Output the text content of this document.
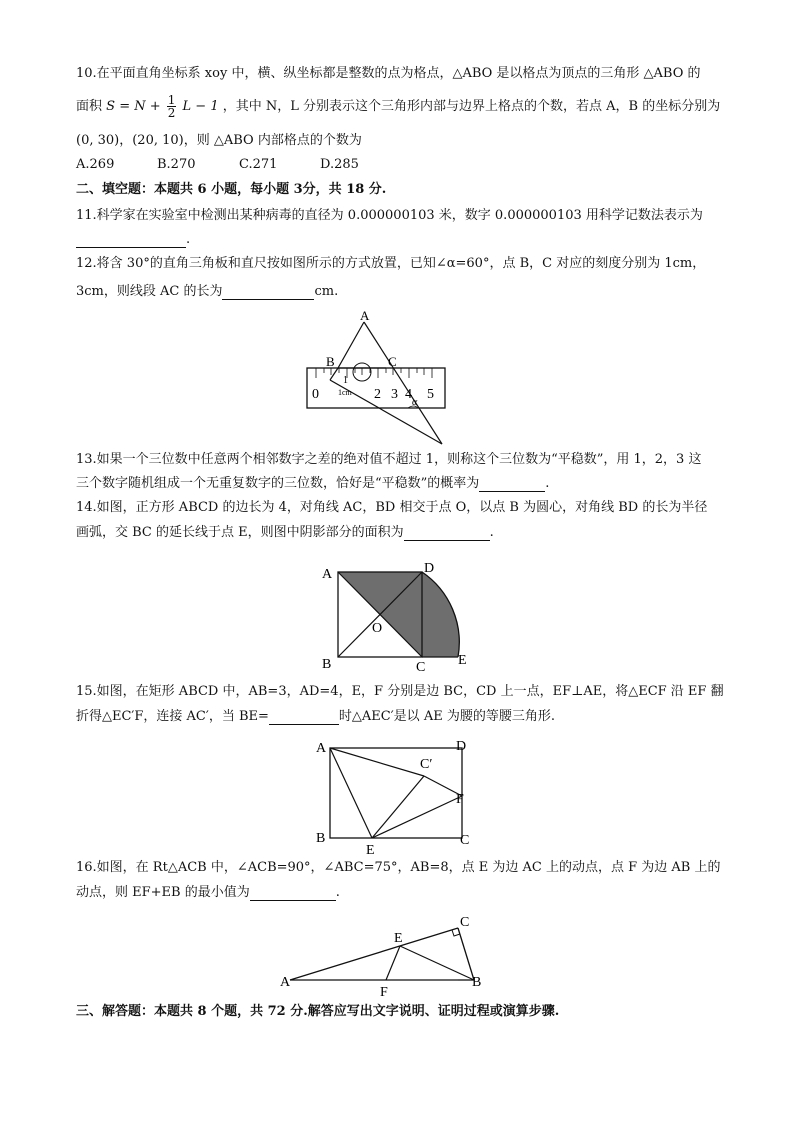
10.在平面直角坐标系 xoy 中，横、纵坐标都是整数的点为格点，△ABO 是以格点为顶点的三角形 △ABO 的
面积 $S = N + \frac{1}{2}$ L − 1 ，其中 N，L 分别表示这个三角形内部与边界上格点的个数，若点 A，B 的坐标分别为
(0, 30)，(20, 10)，则 △ABO 内部格点的个数为
A.269	B.270	C.271	D.285
二、填空题：本题共 6 小题，每小题 3分，共 18 分.
11.科学家在实验室中检测出某种病毒的直径为 0.000000103 米，数字 0.000000103 用科学记数法表示为
.
12.将含 30°的直角三角板和直尺按如图所示的方式放置，已知∠α=60°，点 B，C 对应的刻度分别为 1cm，
3cm，则线段 AC 的长为	cm.
A
B	C
0
1
2 3 4 5
1cm
α
13.如果一个三位数中任意两个相邻数字之差的绝对值不超过 1，则称这个三位数为“平稳数”，用 1，2，3 这
三个数字随机组成一个无重复数字的三位数，恰好是“平稳数”的概率为	.
14.如图，正方形 ABCD 的边长为 4，对角线 AC，BD 相交于点 O，以点 B 为圆心，对角线 BD 的长为半径
画弧，交 BC 的延长线于点 E，则图中阴影部分的面积为	.
A	D
O
B	C E
15.如图，在矩形 ABCD 中，AB=3，AD=4，E，F 分别是边 BC，CD 上一点，EF⊥AE，将△ECF 沿 EF 翻
折得△EC′F，连接 AC′，当 BE=	时△AEC′是以 AE 为腰的等腰三角形.
A	D
C′
F
B
E
C
16.如图，在 Rt△ACB 中，∠ACB=90°，∠ABC=75°，AB=8，点 E 为边 AC 上的动点，点 F 为边 AB 上的
动点，则 EF+EB 的最小值为	.
A
E
C
F
B
三、解答题：本题共 8 个题，共 72 分.解答应写出文字说明、证明过程或演算步骤.
